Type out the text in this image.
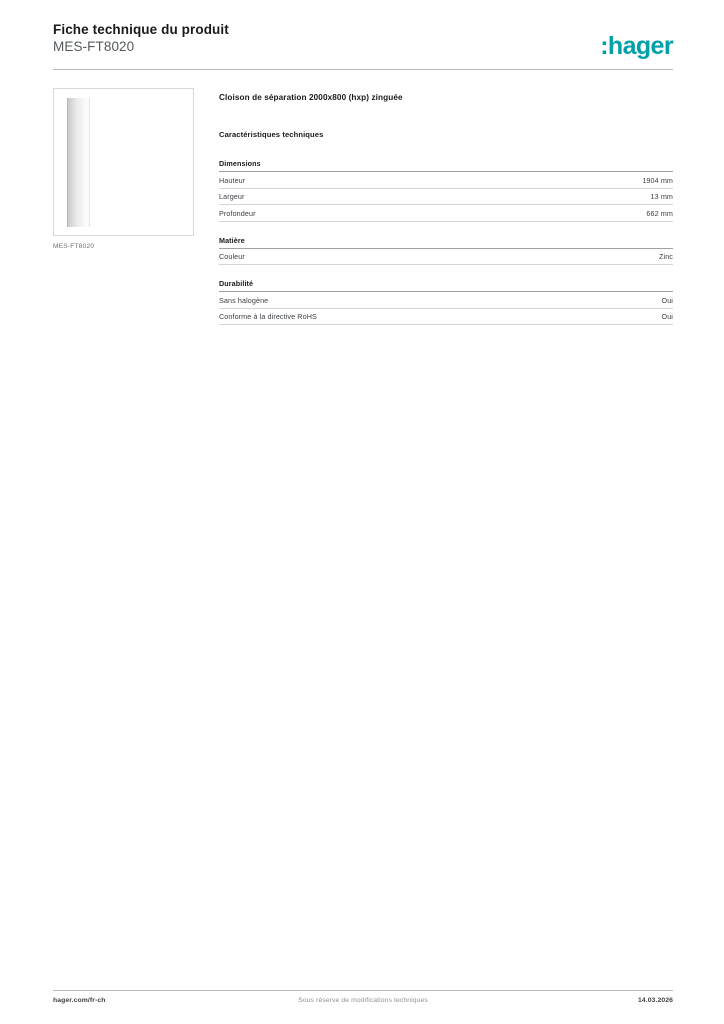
Fiche technique du produit
MES-FT8020	:hager
MES-FT8020
Cloison de séparation 2000x800 (hxp) zinguée
Caractéristiques techniques
Dimensions
Hauteur	1904 mm
Largeur	13 mm
Profondeur	662 mm
Matière
Couleur	Zinc
Durabilité
Sans halogène	Oui
Conforme à la directive RoHS	Oui
hager.com/fr-ch	Sous réserve de modifications techniques	14.03.2026
